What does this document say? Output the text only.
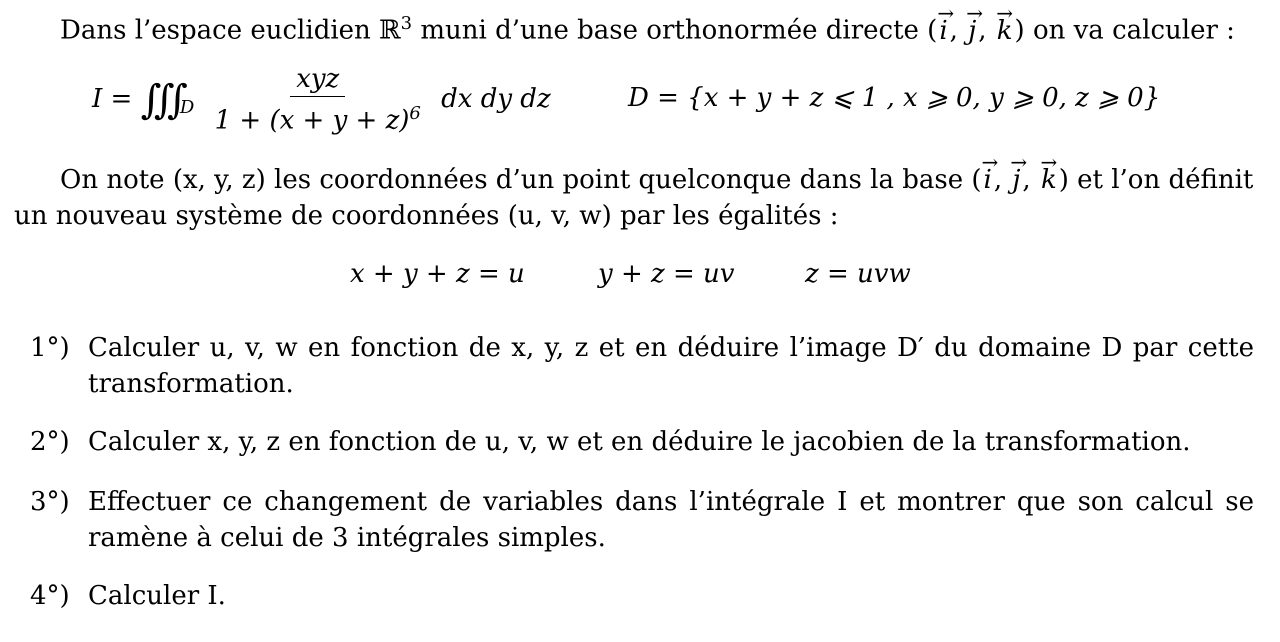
Dans l’espace euclidien ℝ$^3$ muni d’une base orthonormée directe (→ i, → j, → k) on va calculer :
$I = ∭_D \frac{\text{xyz}}{1 + (x + y + z)^6}$ dx dy dz	D = {x + y + z ⩽ 1 , x ⩾ 0, y ⩾ 0, z ⩾ 0}
On note (x, y, z) les coordonnées d’un point quelconque dans la base (→ i, → j, → k) et l’on définit
un nouveau système de coordonnées (u, v, w) par les égalités :
x + y + z = u	y + z = uv	z = uvw
1°) Calculer u, v, w en fonction de x, y, z et en déduire l’image D′ du domaine D par cette transformation.
2°) Calculer x, y, z en fonction de u, v, w et en déduire le jacobien de la transformation.
3°) Effectuer ce changement de variables dans l’intégrale I et montrer que son calcul se ramène à celui de 3 intégrales simples.
4°) Calculer I.
